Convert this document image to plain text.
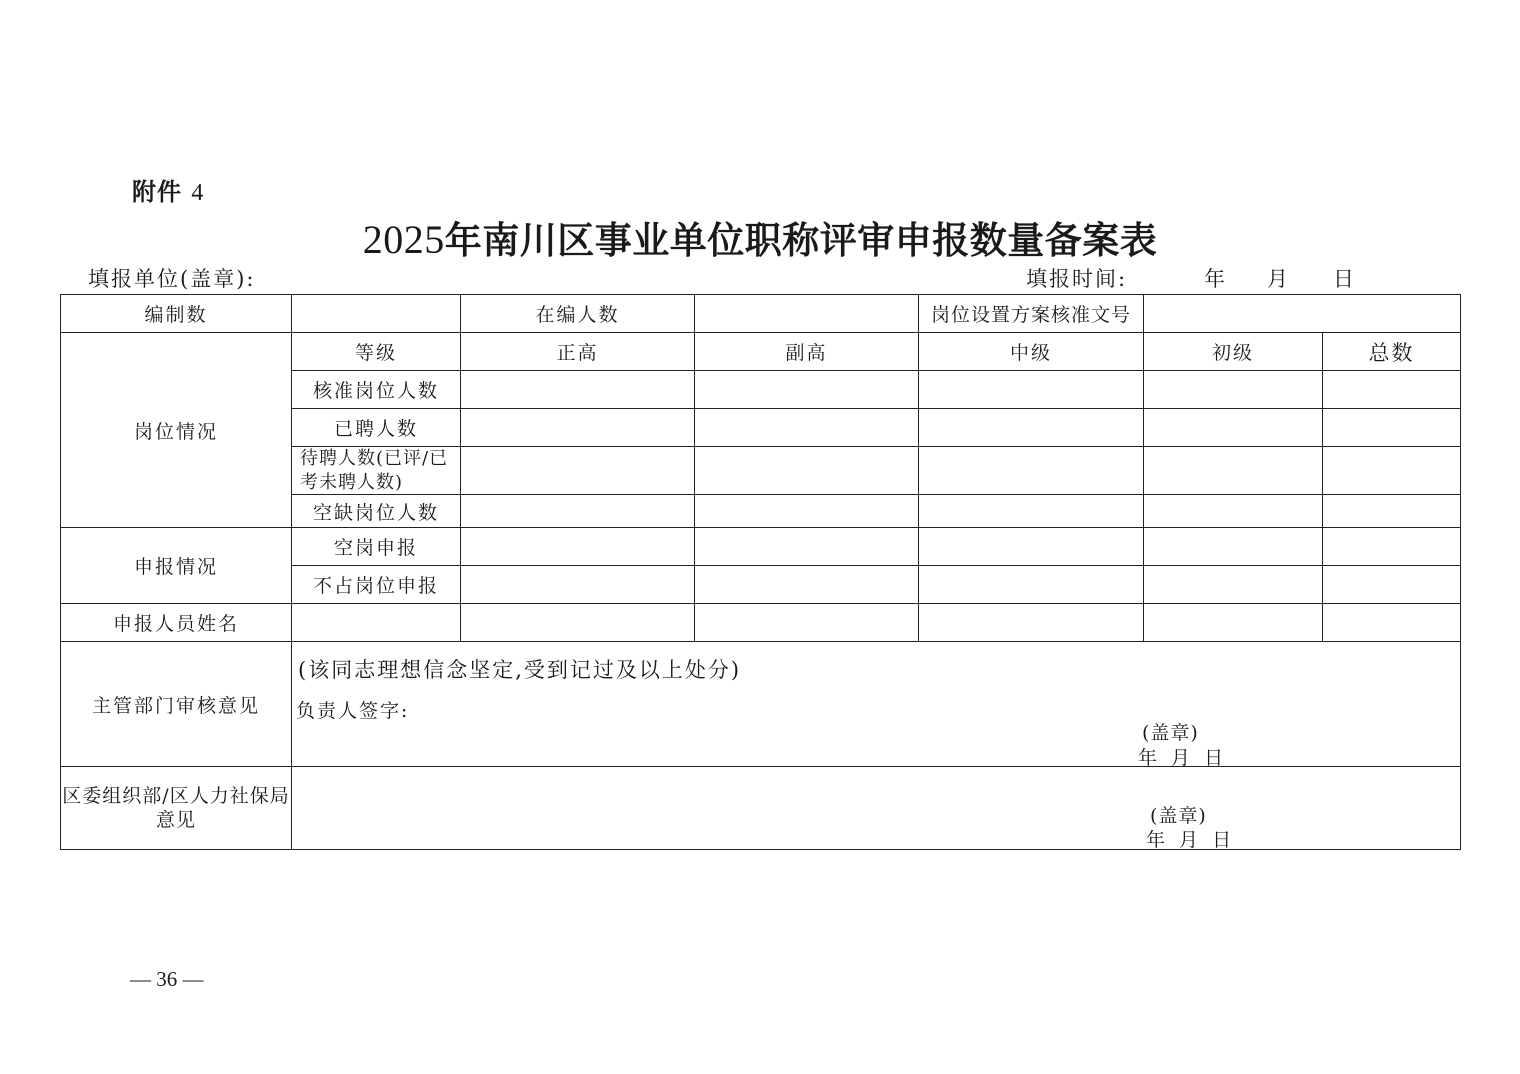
附件 4
2025年南川区事业单位职称评审申报数量备案表
填报单位(盖章):	填报时间:	年 月 日
编制数		在编人数		岗位设置方案核准文号		
岗位情况	等级	正高	副高	中级	初级	总数
	核准岗位人数					
	已聘人数					

	待聘人数(已评/已考未聘人数)					

	空缺岗位人数					
申报情况	空岗申报					
	不占岗位申报					
申报人员姓名						
主管部门审核意见	(该同志理想信念坚定,受到记过及以上处分)
负责人签字:
(盖章)
年 月 日					

区委组织部/区人力社保局意见	(盖章)
年 月 日					
— 36 —
